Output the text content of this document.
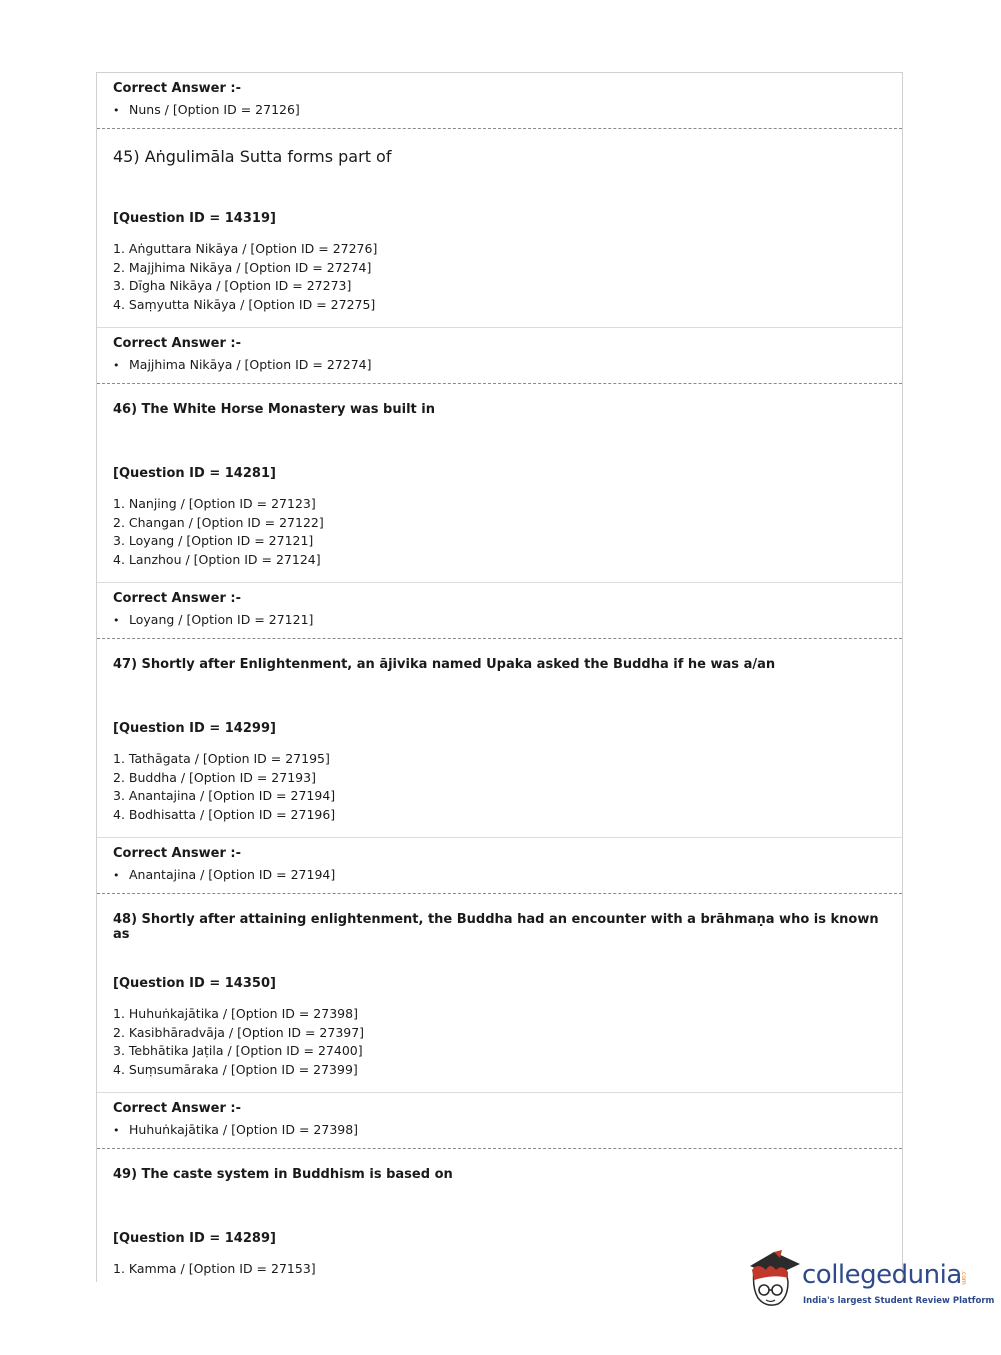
Correct Answer :-
• Nuns / [Option ID = 27126]
45) Aṅgulimāla Sutta forms part of
[Question ID = 14319]
1. Aṅguttara Nikāya / [Option ID = 27276]
2. Majjhima Nikāya / [Option ID = 27274]
3. Dīgha Nikāya / [Option ID = 27273]
4. Saṃyutta Nikāya / [Option ID = 27275]
Correct Answer :-
• Majjhima Nikāya / [Option ID = 27274]
46) The White Horse Monastery was built in
[Question ID = 14281]
1. Nanjing / [Option ID = 27123]
2. Changan / [Option ID = 27122]
3. Loyang / [Option ID = 27121]
4. Lanzhou / [Option ID = 27124]
Correct Answer :-
• Loyang / [Option ID = 27121]
47) Shortly after Enlightenment, an ājivika named Upaka asked the Buddha if he was a/an
[Question ID = 14299]
1. Tathāgata / [Option ID = 27195]
2. Buddha / [Option ID = 27193]
3. Anantajina / [Option ID = 27194]
4. Bodhisatta / [Option ID = 27196]
Correct Answer :-
• Anantajina / [Option ID = 27194]
48) Shortly after attaining enlightenment, the Buddha had an encounter with a brāhmaṇa who is known as
[Question ID = 14350]
1. Huhuṅkajātika / [Option ID = 27398]
2. Kasibhāradvāja / [Option ID = 27397]
3. Tebhātika Jaṭila / [Option ID = 27400]
4. Suṃsumāraka / [Option ID = 27399]
Correct Answer :-
• Huhuṅkajātika / [Option ID = 27398]
49) The caste system in Buddhism is based on
[Question ID = 14289]
1. Kamma / [Option ID = 27153]	collegedunia
.com
India's largest Student Review Platform
